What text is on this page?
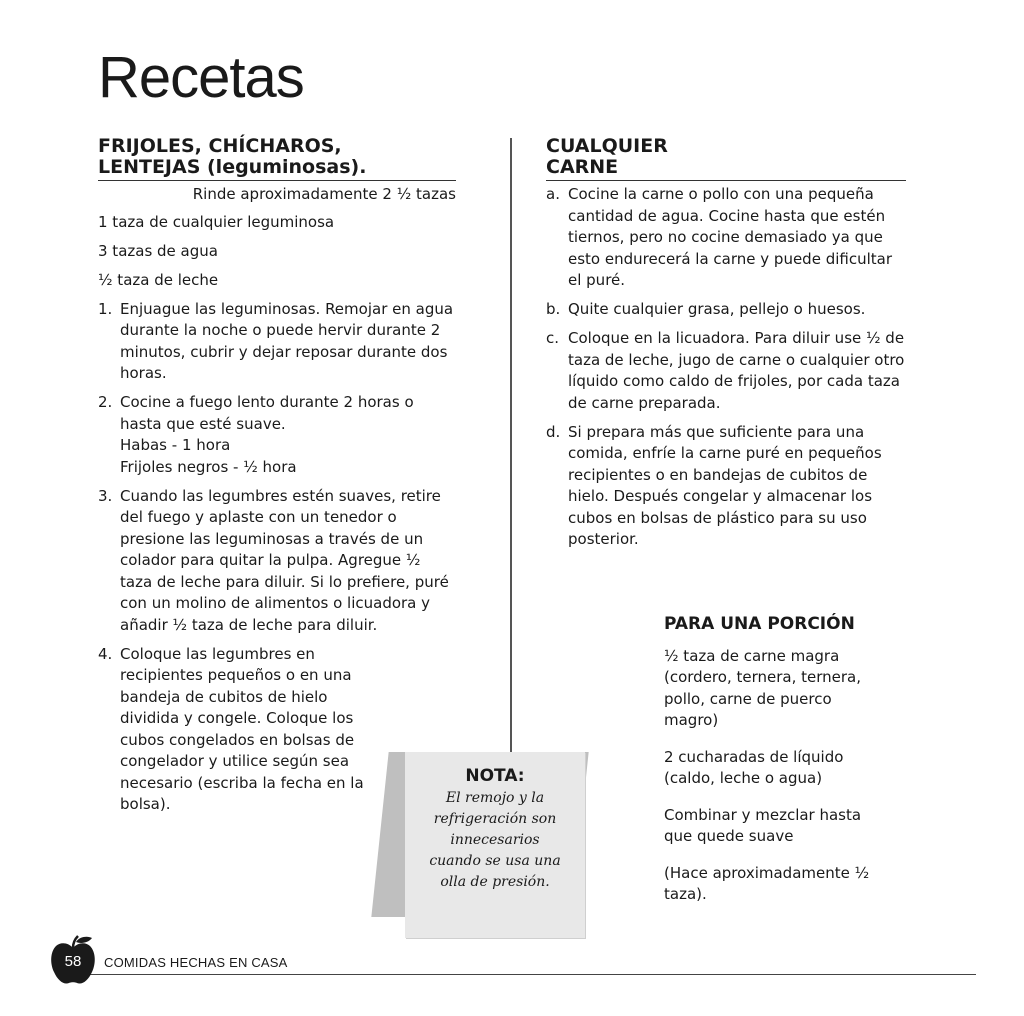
Recetas
FRIJOLES, CHÍCHAROS,
LENTEJAS (leguminosas).
Rinde aproximadamente 2 ½ tazas
1 taza de cualquier leguminosa
3 tazas de agua
½ taza de leche
1. Enjuague las leguminosas. Remojar en agua durante la noche o puede hervir durante 2 minutos, cubrir y dejar reposar durante dos horas.
2. Cocine a fuego lento durante 2 horas o hasta que esté suave.
Habas - 1 hora
Frijoles negros - ½ hora
3. Cuando las legumbres estén suaves, retire del fuego y aplaste con un tenedor o presione las leguminosas a través de un colador para quitar la pulpa. Agregue ½ taza de leche para diluir. Si lo prefiere, puré con un molino de alimentos o licuadora y añadir ½ taza de leche para diluir.
4. Coloque las legumbres en recipientes pequeños o en una bandeja de cubitos de hielo dividida y congele. Coloque los cubos congelados en bolsas de congelador y utilice según sea necesario (escriba la fecha en la bolsa).
CUALQUIER
CARNE
a. Cocine la carne o pollo con una pequeña cantidad de agua. Cocine hasta que estén tiernos, pero no cocine demasiado ya que esto endurecerá la carne y puede dificultar el puré.
b. Quite cualquier grasa, pellejo o huesos.
c. Coloque en la licuadora. Para diluir use ½ de taza de leche, jugo de carne o cualquier otro líquido como caldo de frijoles, por cada taza de carne preparada.
d. Si prepara más que suficiente para una comida, enfríe la carne puré en pequeños recipientes o en bandejas de cubitos de hielo. Después congelar y almacenar los cubos en bolsas de plástico para su uso posterior.
PARA UNA PORCIÓN

½ taza de carne magra (cordero, ternera, ternera, pollo, carne de puerco magro)

2 cucharadas de líquido (caldo, leche o agua)

Combinar y mezclar hasta que quede suave

(Hace aproximadamente ½ taza).

NOTA:
El remojo y la refrigeración son innecesarios cuando se usa una olla de presión.
58	COMIDAS HECHAS EN CASA
